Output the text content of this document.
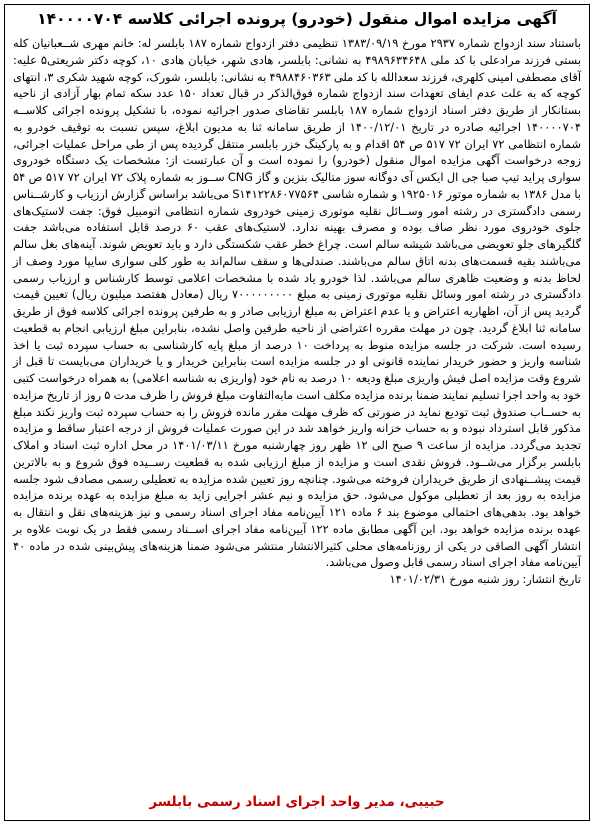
آگهی مزایده اموال منقول (خودرو) پرونده اجرائی کلاسه ۱۴۰۰۰۰۷۰۴

باستناد سند ازدواج شماره ۲۹۳۷ مورخ ۱۳۸۳/۰۹/۱۹ تنظیمی دفتر ازدواج شماره ۱۸۷ بابلسر له: خانم مهری شــعبانیان کله بستی فرزند مرادعلی با کد ملی ۴۹۸۹۶۳۴۶۴۸ به نشانی: بابلسر، هادی شهر، خیابان هادی ۱۰، کوچه دکتر شریعتی۵ علیه: آقای مصطفی امینی کلهری، فرزند سعدالله با کد ملی ۴۹۸۸۴۶۰۳۶۳ به نشانی: بابلسر، شورک، کوچه شهید شکری ۳، انتهای کوچه که به علت عدم ایفای تعهدات سند ازدواج شماره فوق‌الذکر در قبال تعداد ۱۵۰ عدد سکه تمام بهار آزادی از ناحیه بستانکار از طریق دفتر اسناد ازدواج شماره ۱۸۷ بابلسر تقاضای صدور اجرائیه نموده، با تشکیل پرونده اجرائی کلاســه ۱۴۰۰۰۰۷۰۴ اجرائیه صادره در تاریخ ۱۴۰۰/۱۲/۰۱ از طریق سامانه ثنا به مدیون ابلاغ، سپس نسبت به توقیف خودرو به شماره انتظامی ۷۲ ایران ۷۲ ۵۱۷ ص ۵۴ اقدام و به پارکینگ خزر بابلسر منتقل گردیده پس از طی مراحل عملیات اجرائی، زوجه درخواست آگهی مزایده اموال منقول (خودرو) را نموده است و آن عبارتست از: مشخصات یک دستگاه خودروی سواری پراید تیپ صبا جی ال ایکس آی دوگانه سوز متالیک بنزین و گاز CNG ســوز به شماره پلاک ۷۲ ایران ۷۲ ۵۱۷ ص ۵۴ با مدل ۱۳۸۶ به شماره موتور ۱۹۲۵۰۱۶ و شماره شاسی S۱۴۱۲۲۸۶۰۷۷۵۶۴ می‌باشد براساس گزارش ارزیاب و کارشــناس رسمی دادگستری در رشته امور وســائل نقلیه موتوری زمینی خودروی شماره انتظامی اتومبیل فوق: جفت لاستیک‌های جلوی خودروی مورد نظر صاف بوده و مصرف بهینه ندارد. لاستیک‌های عقب ۶۰ درصد قابل استفاده می‌باشد جفت گلگیرهای جلو تعویضی می‌باشد شیشه سالم است. چراغ خطر عقب شکستگی دارد و باید تعویض شوند. آینه‌های بغل سالم می‌باشند بقیه قسمت‌های بدنه اتاق سالم می‌باشند. صندلی‌ها و سقف سالم‌اند به طور کلی سواری سایپا مورد وصف از لحاظ بدنه و وضعیت ظاهری سالم می‌باشد. لذا خودرو یاد شده با مشخصات اعلامی توسط کارشناس و ارزیاب رسمی دادگستری در رشته امور وسائل نقلیه موتوری زمینی به مبلغ ۷۰۰۰۰۰۰۰۰۰ ریال (معادل هفتصد میلیون ریال) تعیین قیمت گردید پس از آن، اظهاریه اعتراض و یا عدم اعتراض به مبلغ ارزیابی صادر و به طرفین پرونده اجرائی کلاسه فوق از طریق سامانه ثنا ابلاغ گردید. چون در مهلت مقرره اعتراضی از ناحیه طرفین واصل نشده، بنابراین مبلغ ارزیابی انجام به قطعیت رسیده است. شرکت در جلسه مزایده منوط به پرداخت ۱۰ درصد از مبلغ پایه کارشناسی به حساب سپرده ثبت یا اخذ شناسه واریز و حضور خریدار نماینده قانونی او در جلسه مزایده است بنابراین خریدار و یا خریداران می‌بایست تا قبل از شروع وقت مزایده اصل فیش واریزی مبلغ ودیعه ۱۰ درصد به نام خود (واریزی به شناسه اعلامی) به همراه درخواست کتبی خود به واحد اجرا تسلیم نمایند ضمنا برنده مزایده مکلف است مابه‌التفاوت مبلغ فروش را ظرف مدت ۵ روز از تاریخ مزایده به حســاب صندوق ثبت تودیع نماید در صورتی که ظرف مهلت مقرر مانده فروش را به حساب سپرده ثبت واریز نکند مبلغ مذکور قابل استرداد نبوده و به حساب خزانه واریز خواهد شد در این صورت عملیات فروش از درجه اعتبار ساقط و مزایده تجدید می‌گردد. مزایده از ساعت ۹ صبح الی ۱۲ ظهر روز چهارشنبه مورخ ۱۴۰۱/۰۳/۱۱ در محل اداره ثبت اسناد و املاک بابلسر برگزار می‌شــود. فروش نقدی است و مزایده از مبلغ ارزیابی شده به قطعیت رســیده فوق شروع و به بالاترین قیمت پیشــنهادی از طریق خریداران فروخته می‌شود. چنانچه روز تعیین شده مزایده به تعطیلی رسمی مصادف شود جلسه مزایده به روز بعد از تعطیلی موکول می‌شود. حق مزایده و نیم عشر اجرایی زاید به مبلغ مزایده به عهده برنده مزایده خواهد بود. بدهی‌های احتمالی موضوع بند ۶ ماده ۱۲۱ آیین‌نامه مفاد اجرای اسناد رسمی و نیز هزینه‌های نقل و انتقال به عهده برنده مزایده خواهد بود. این آگهی مطابق ماده ۱۲۲ آیین‌نامه مفاد اجرای اســناد رسمی فقط در یک نوبت علاوه بر انتشار آگهی الصاقی در یکی از روزنامه‌های محلی کثیرالانتشار منتشر می‌شود ضمنا هزینه‌های پیش‌بینی شده در ماده ۴۰ آیین‌نامه مفاد اجرای اسناد رسمی قابل وصول می‌باشد.

تاریخ انتشار: روز شنبه مورخ ۱۴۰۱/۰۲/۳۱

حبیبی، مدیر واحد اجرای اسناد رسمی بابلسر
